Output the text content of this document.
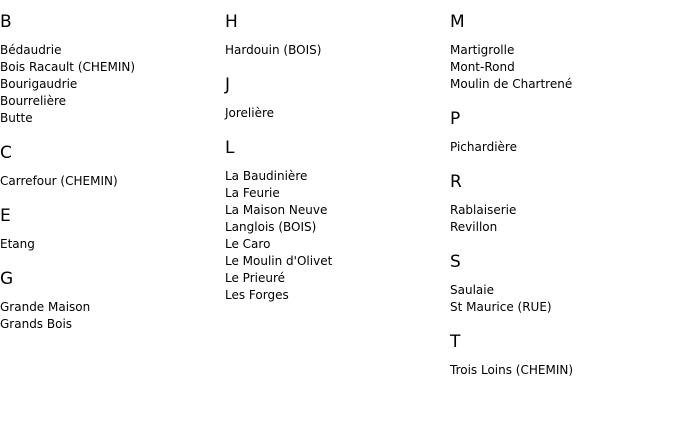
B
Bédaudrie
Bois Racault (CHEMIN)
Bourigaudrie
Bourrelière
Butte
C
Carrefour (CHEMIN)
E
Etang
G
Grande Maison
Grands Bois
H
Hardouin (BOIS)
J
Jorelière
L
La Baudinière
La Feurie
La Maison Neuve
Langlois (BOIS)
Le Caro
Le Moulin d'Olivet
Le Prieuré
Les Forges
M
Martigrolle
Mont-Rond
Moulin de Chartrené
P
Pichardière
R
Rablaiserie
Revillon
S
Saulaie
St Maurice (RUE)
T
Trois Loins (CHEMIN)
